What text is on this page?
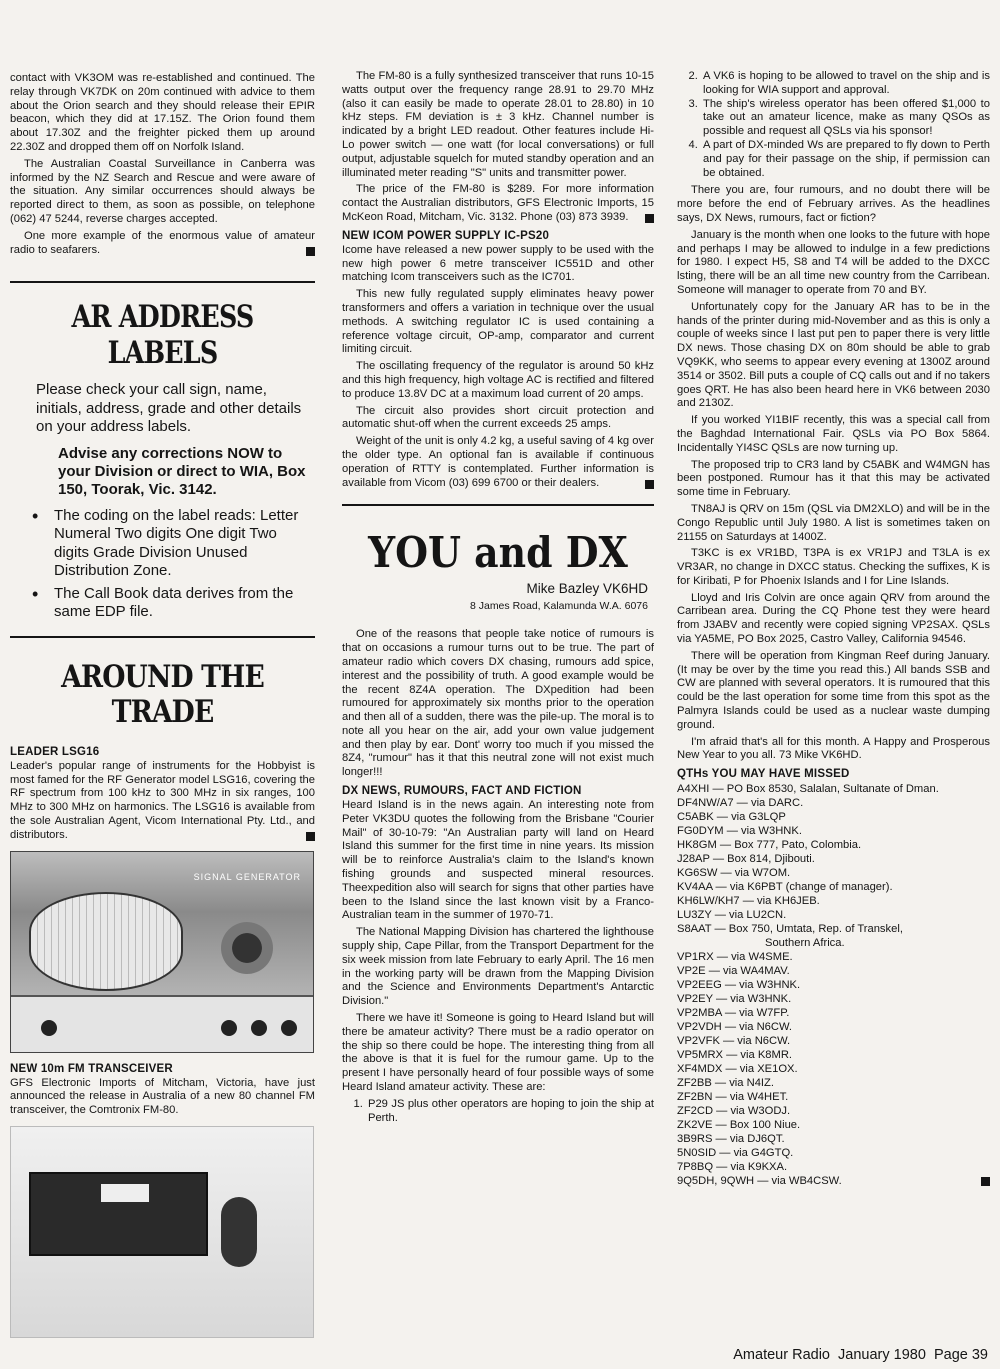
contact with VK3OM was re-established and continued. The relay through VK7DK on 20m continued with advice to them about the Orion search and they should release their EPIR beacon, which they did at 17.15Z. The Orion found them about 17.30Z and the freighter picked them up around 22.30Z and dropped them off on Norfolk Island.

The Australian Coastal Surveillance in Canberra was informed by the NZ Search and Rescue and were aware of the situation. Any similar occurrences should always be reported direct to them, as soon as possible, on telephone (062) 47 5244, reverse charges accepted.

One more example of the enormous value of amateur radio to seafarers.

AR ADDRESS LABELS
Please check your call sign, name, initials, address, grade and other details on your address labels.
Advise any corrections NOW to your Division or direct to WIA, Box 150, Toorak, Vic. 3142.
• The coding on the label reads: Letter Numeral Two digits One digit Two digits Grade Division Unused Distribution Zone.
• The Call Book data derives from the same EDP file.
AROUND THE
TRADE
LEADER LSG16

Leader's popular range of instruments for the Hobbyist is most famed for the RF Generator model LSG16, covering the RF spectrum from 100 kHz to 300 MHz in six ranges, 100 MHz to 300 MHz on harmonics. The LSG16 is available from the sole Australian Agent, Vicom International Pty. Ltd., and distributors.

SIGNAL GENERATOR
NEW 10m FM TRANSCEIVER

GFS Electronic Imports of Mitcham, Victoria, have just announced the release in Australia of a new 80 channel FM transceiver, the Comtronix FM-80.

The FM-80 is a fully synthesized transceiver that runs 10-15 watts output over the frequency range 28.91 to 29.70 MHz (also it can easily be made to operate 28.01 to 28.80) in 10 kHz steps. FM deviation is ± 3 kHz. Channel number is indicated by a bright LED readout. Other features include Hi-Lo power switch — one watt (for local conversations) or full output, adjustable squelch for muted standby operation and an illuminated meter reading "S" units and transmitter power.

The price of the FM-80 is $289. For more information contact the Australian distributors, GFS Electronic Imports, 15 McKeon Road, Mitcham, Vic. 3132. Phone (03) 873 3939.

NEW ICOM POWER SUPPLY IC-PS20

Icome have released a new power supply to be used with the new high power 6 metre transceiver IC551D and other matching Icom transceivers such as the IC701.

This new fully regulated supply eliminates heavy power transformers and offers a variation in technique over the usual methods. A switching regulator IC is used containing a reference voltage circuit, OP-amp, comparator and current limiting circuit.

The oscillating frequency of the regulator is around 50 kHz and this high frequency, high voltage AC is rectified and filtered to produce 13.8V DC at a maximum load current of 20 amps.

The circuit also provides short circuit protection and automatic shut-off when the current exceeds 25 amps.

Weight of the unit is only 4.2 kg, a useful saving of 4 kg over the older type. An optional fan is available if continuous operation of RTTY is contemplated. Further information is available from Vicom (03) 699 6700 or their dealers.

YOU and DX
Mike Bazley VK6HD
8 James Road, Kalamunda W.A. 6076

One of the reasons that people take notice of rumours is that on occasions a rumour turns out to be true. The part of amateur radio which covers DX chasing, rumours add spice, interest and the possibility of truth. A good example would be the recent 8Z4A operation. The DXpedition had been rumoured for approximately six months prior to the operation and then all of a sudden, there was the pile-up. The moral is to note all you hear on the air, add your own value judgement and then play by ear. Dont' worry too much if you missed the 8Z4, "rumour" has it that this neutral zone will not exist much longer!!!

DX NEWS, RUMOURS, FACT AND FICTION

Heard Island is in the news again. An interesting note from Peter VK3DU quotes the following from the Brisbane "Courier Mail" of 30-10-79: "An Australian party will land on Heard Island this summer for the first time in nine years. Its mission will be to reinforce Australia's claim to the Island's known fishing grounds and suspected mineral resources. Theexpedition also will search for signs that other parties have been to the Island since the last known visit by a Franco-Australian team in the summer of 1970-71.

The National Mapping Division has chartered the lighthouse supply ship, Cape Pillar, from the Transport Department for the six week mission from late February to early April. The 16 men in the working party will be drawn from the Mapping Division and the Science and Environments Department's Antarctic Division."

There we have it! Someone is going to Heard Island but will there be amateur activity? There must be a radio operator on the ship so there could be hope. The interesting thing from all the above is that it is fuel for the rumour game. Up to the present I have personally heard of four possible ways of some Heard Island amateur activity. These are:

1. P29 JS plus other operators are hoping to join the ship at Perth.
2. A VK6 is hoping to be allowed to travel on the ship and is looking for WIA support and approval.
3. The ship's wireless operator has been offered $1,000 to take out an amateur licence, make as many QSOs as possible and request all QSLs via his sponsor!
4. A part of DX-minded Ws are prepared to fly down to Perth and pay for their passage on the ship, if permission can be obtained.

There you are, four rumours, and no doubt there will be more before the end of February arrives. As the headlines says, DX News, rumours, fact or fiction?

January is the month when one looks to the future with hope and perhaps I may be allowed to indulge in a few predictions for 1980. I expect H5, S8 and T4 will be added to the DXCC lsting, there will be an all time new country from the Carribean. Someone will manager to operate from 70 and BY.

Unfortunately copy for the January AR has to be in the hands of the printer during mid-November and as this is only a couple of weeks since I last put pen to paper there is very little DX news. Those chasing DX on 80m should be able to grab VQ9KK, who seems to appear every evening at 1300Z around 3514 or 3502. Bill puts a couple of CQ calls out and if no takers goes QRT. He has also been heard here in VK6 between 2030 and 2130Z.

If you worked YI1BIF recently, this was a special call from the Baghdad International Fair. QSLs via PO Box 5864. Incidentally YI4SC QSLs are now turning up.

The proposed trip to CR3 land by C5ABK and W4MGN has been postponed. Rumour has it that this may be activated some time in February.

TN8AJ is QRV on 15m (QSL via DM2XLO) and will be in the Congo Republic until July 1980. A list is sometimes taken on 21155 on Saturdays at 1400Z.

T3KC is ex VR1BD, T3PA is ex VR1PJ and T3LA is ex VR3AR, no change in DXCC status. Checking the suffixes, K is for Kiribati, P for Phoenix Islands and I for Line Islands.

Lloyd and Iris Colvin are once again QRV from around the Carribean area. During the CQ Phone test they were heard from J3ABV and recently were copied signing VP2SAX. QSLs via YA5ME, PO Box 2025, Castro Valley, California 94546.

There will be operation from Kingman Reef during January. (It may be over by the time you read this.) All bands SSB and CW are planned with several operators. It is rumoured that this could be the last operation for some time from this spot as the Palmyra Islands could be used as a nuclear waste dumping ground.

I'm afraid that's all for this month. A Happy and Prosperous New Year to you all. 73 Mike VK6HD.

QTHs YOU MAY HAVE MISSED
A4XHI — PO Box 8530, Salalan, Sultanate of Dman.
DF4NW/A7 — via DARC.
C5ABK — via G3LQP
FG0DYM — via W3HNK.
HK8GM — Box 777, Pato, Colombia.
J28AP — Box 814, Djibouti.
KG6SW — via W7OM.
KV4AA — via K6PBT (change of manager).
KH6LW/KH7 — via KH6JEB.
LU3ZY — via LU2CN.
S8AAT — Box 750, Umtata, Rep. of Transkel,
Southern Africa.
VP1RX — via W4SME.
VP2E — via WA4MAV.
VP2EEG — via W3HNK.
VP2EY — via W3HNK.
VP2MBA — via W7FP.
VP2VDH — via N6CW.
VP2VFK — via N6CW.
VP5MRX — via K8MR.
XF4MDX — via XE1OX.
ZF2BB — via N4IZ.
ZF2BN — via W4HET.
ZF2CD — via W3ODJ.
ZK2VE — Box 100 Niue.
3B9RS — via DJ6QT.
5N0SID — via G4GTQ.
7P8BQ — via K9KXA.
9Q5DH, 9QWH — via WB4CSW.
Amateur Radio  January 1980  Page 39
